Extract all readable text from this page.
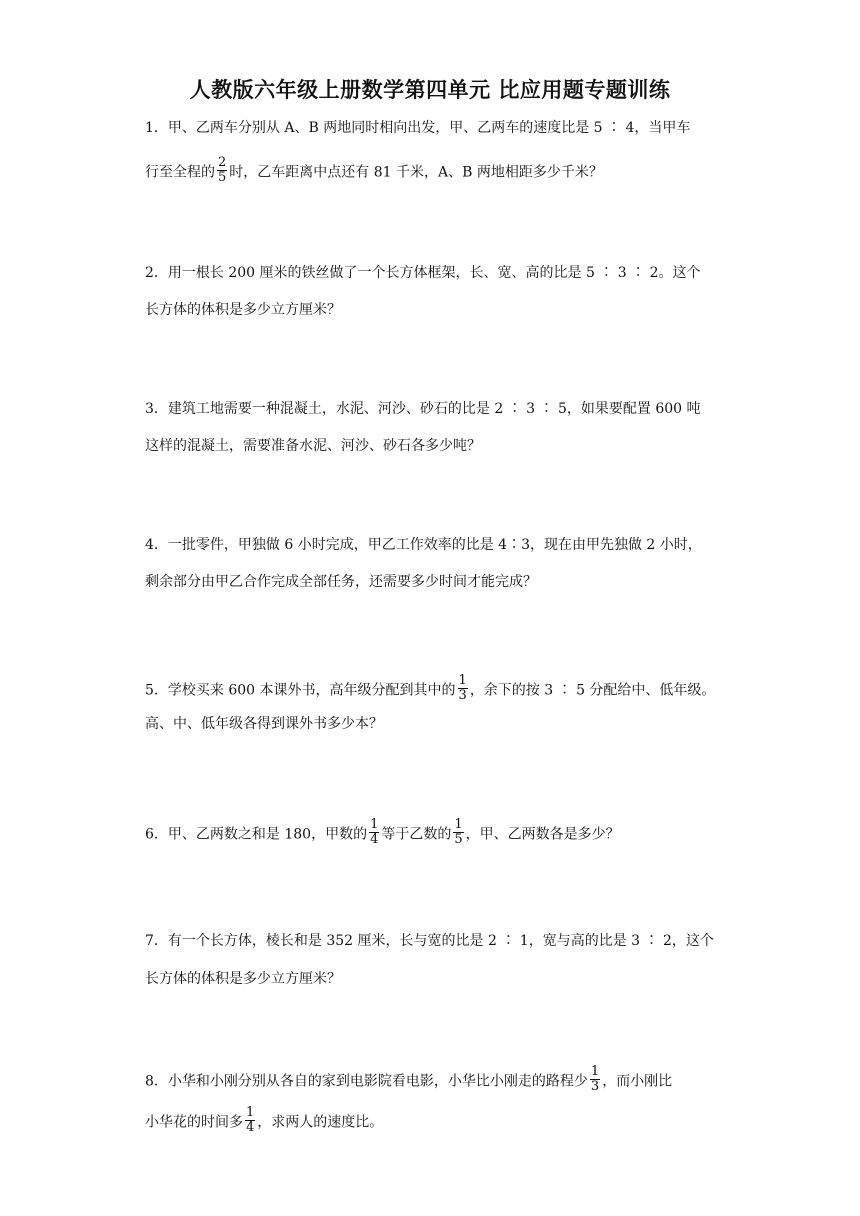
人教版六年级上册数学第四单元 比应用题专题训练
1．甲、乙两车分别从 A、B 两地同时相向出发，甲、乙两车的速度比是 5 ∶ 4，当甲车
行至全程的 $\frac{2}{5}$ 时，乙车距离中点还有 81 千米，A、B 两地相距多少千米？
2．用一根长 200 厘米的铁丝做了一个长方体框架，长、宽、高的比是 5 ∶ 3 ∶ 2。这个
长方体的体积是多少立方厘米？
3．建筑工地需要一种混凝土，水泥、河沙、砂石的比是 2 ∶ 3 ∶ 5，如果要配置 600 吨
这样的混凝土，需要准备水泥、河沙、砂石各多少吨？
4．一批零件，甲独做 6 小时完成，甲乙工作效率的比是 4∶3，现在由甲先独做 2 小时，
剩余部分由甲乙合作完成全部任务，还需要多少时间才能完成？
5．学校买来 600 本课外书，高年级分配到其中的 $\frac{1}{3}$ ，余下的按 3 ∶ 5 分配给中、低年级。
高、中、低年级各得到课外书多少本？
6．甲、乙两数之和是 180，甲数的 $\frac{1}{4}$ 等于乙数的 $\frac{1}{5}$ ，甲、乙两数各是多少？
7．有一个长方体，棱长和是 352 厘米，长与宽的比是 2 ∶ 1，宽与高的比是 3 ∶ 2，这个
长方体的体积是多少立方厘米？
8．小华和小刚分别从各自的家到电影院看电影，小华比小刚走的路程少 $\frac{1}{3}$ ，而小刚比
小华花的时间多 $\frac{1}{4}$ ，求两人的速度比。
